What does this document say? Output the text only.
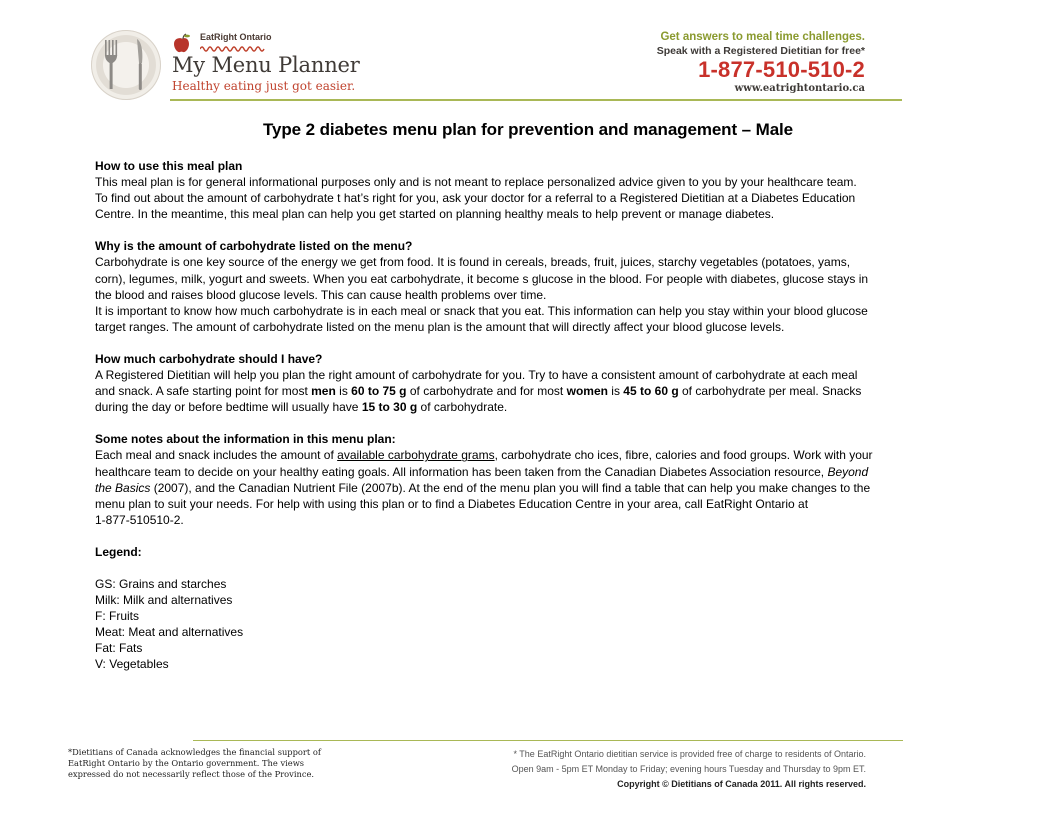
EatRight Ontario
My Menu Planner
Healthy eating just got easier.
Get answers to meal time challenges.
Speak with a Registered Dietitian for free*
1-877-510-510-2
www.eatrightontario.ca
Type 2 diabetes menu plan for prevention and management – Male

How to use this meal plan

This meal plan is for general informational purposes only and is not meant to replace personalized advice given to you by your healthcare team.

To find out about the amount of carbohydrate t hat’s right for you, ask your doctor for a referral to a Registered Dietitian at a Diabetes Education

Centre. In the meantime, this meal plan can help you get started on planning healthy meals to help prevent or manage diabetes.

Why is the amount of carbohydrate listed on the menu?

Carbohydrate is one key source of the energy we get from food. It is found in cereals, breads, fruit, juices, starchy vegetables (potatoes, yams,

corn), legumes, milk, yogurt and sweets. When you eat carbohydrate, it become s glucose in the blood. For people with diabetes, glucose stays in

the blood and raises blood glucose levels. This can cause health problems over time.

It is important to know how much carbohydrate is in each meal or snack that you eat. This information can help you stay within your blood glucose

target ranges. The amount of carbohydrate listed on the menu plan is the amount that will directly affect your blood glucose levels.

How much carbohydrate should I have?

A Registered Dietitian will help you plan the right amount of carbohydrate for you. Try to have a consistent amount of carbohydrate at each meal

and snack. A safe starting point for most men is 60 to 75 g of carbohydrate and for most women is 45 to 60 g of carbohydrate per meal. Snacks

during the day or before bedtime will usually have 15 to 30 g of carbohydrate.

Some notes about the information in this menu plan:

Each meal and snack includes the amount of available carbohydrate grams, carbohydrate cho ices, fibre, calories and food groups. Work with your

healthcare team to decide on your healthy eating goals. All information has been taken from the Canadian Diabetes Association resource, Beyond

the Basics (2007), and the Canadian Nutrient File (2007b). At the end of the menu plan you will find a table that can help you make changes to the

menu plan to suit your needs. For help with using this plan or to find a Diabetes Education Centre in your area, call EatRight Ontario at

1-877-510510-2.

Legend:

GS: Grains and starches

Milk: Milk and alternatives

F: Fruits

Meat: Meat and alternatives

Fat: Fats

V: Vegetables

*Dietitians of Canada acknowledges the financial support of
EatRight Ontario by the Ontario government. The views
expressed do not necessarily reflect those of the Province.
* The EatRight Ontario dietitian service is provided free of charge to residents of Ontario.
Open 9am - 5pm ET Monday to Friday; evening hours Tuesday and Thursday to 9pm ET.
Copyright © Dietitians of Canada 2011. All rights reserved.
